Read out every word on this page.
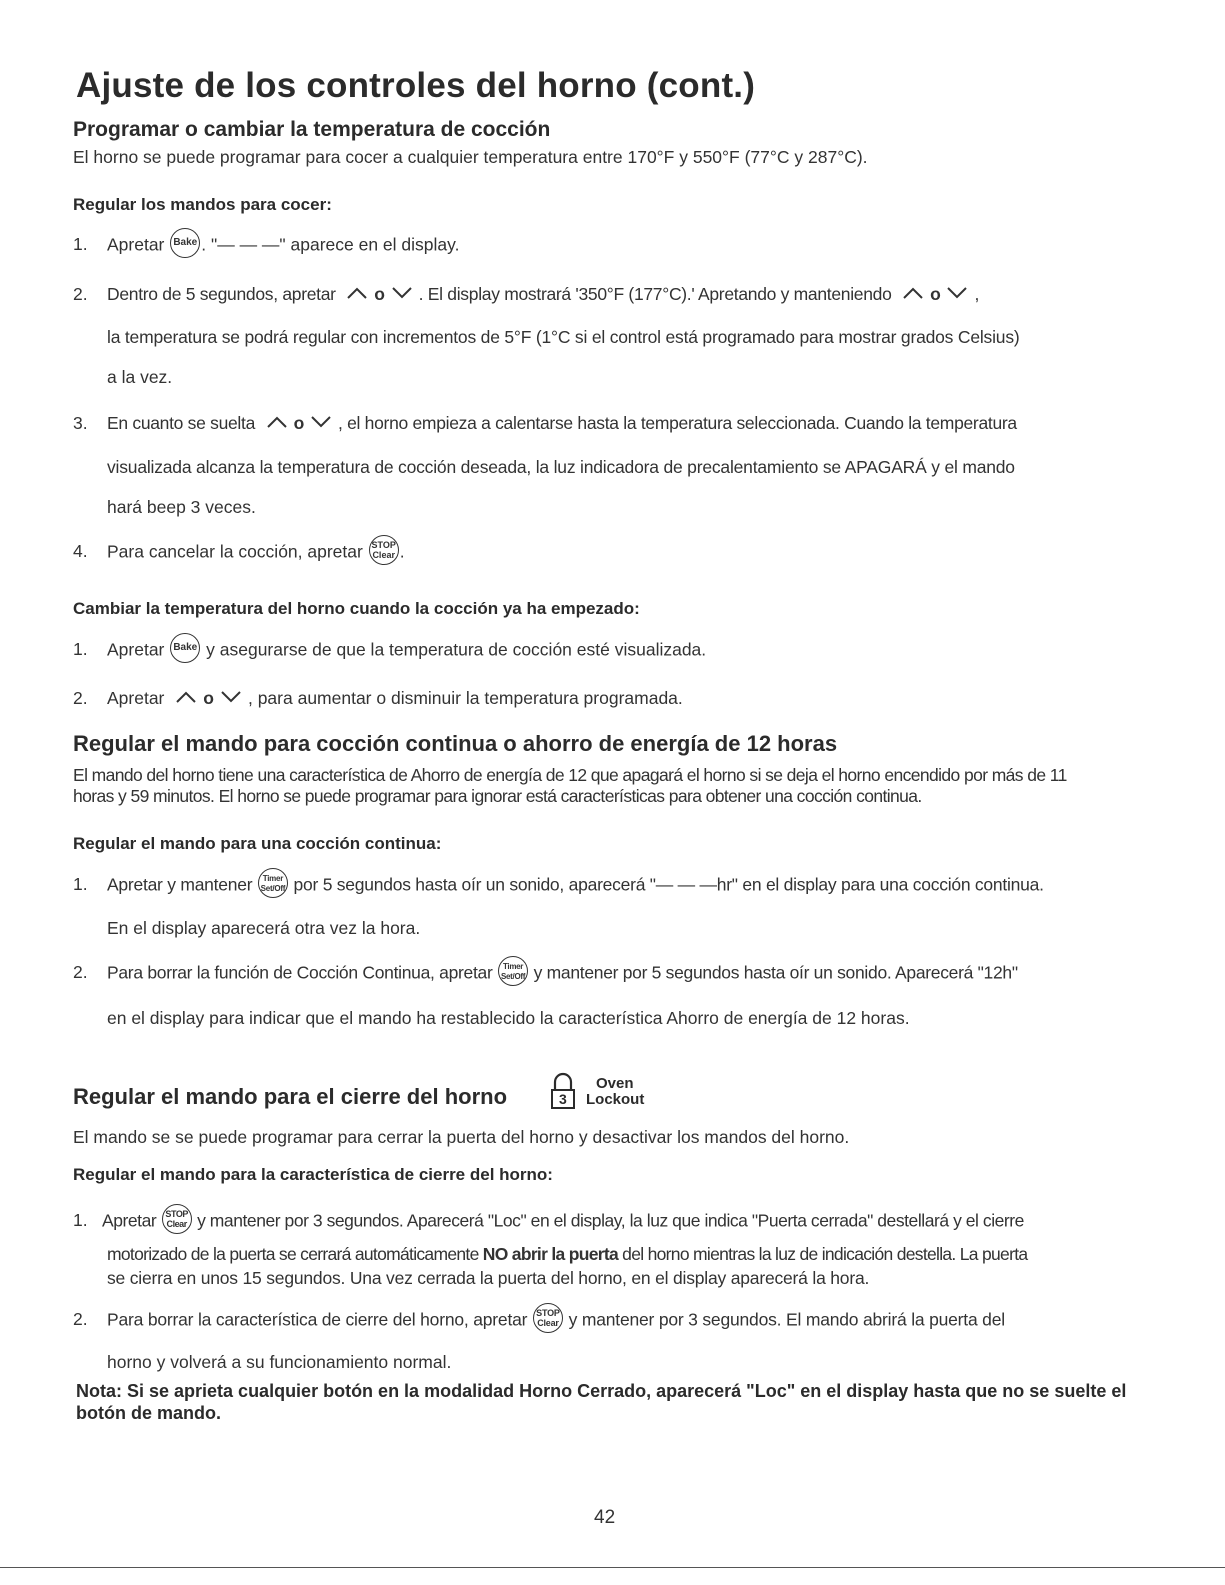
Ajuste de los controles del horno (cont.)
Programar o cambiar la temperatura de cocción

El horno se puede programar para cocer a cualquier temperatura entre 170°F y 550°F (77°C y 287°C).

Regular los mandos para cocer:
1. Apretar Bake . "— — —" aparece en el display.

2. Dentro de 5 segundos, apretar o . El display mostrará '350°F (177°C).' Apretando y manteniendo o ,

la temperatura se podrá regular con incrementos de 5°F (1°C si el control está programado para mostrar grados Celsius)

a la vez.

3. En cuanto se suelta o , el horno empieza a calentarse hasta la temperatura seleccionada. Cuando la temperatura

visualizada alcanza la temperatura de cocción deseada, la luz indicadora de precalentamiento se APAGARÁ y el mando

hará beep 3 veces.

4. Para cancelar la cocción, apretar STOP
Clear .

Cambiar la temperatura del horno cuando la cocción ya ha empezado:
1. Apretar Bake y asegurarse de que la temperatura de cocción esté visualizada.

2. Apretar o , para aumentar o disminuir la temperatura programada.

Regular el mando para cocción continua o ahorro de energía de 12 horas

El mando del horno tiene una característica de Ahorro de energía de 12 que apagará el horno si se deja el horno encendido por más de 11

horas y 59 minutos. El horno se puede programar para ignorar está características para obtener una cocción continua.

Regular el mando para una cocción continua:
1. Apretar y mantener	Timer
Set/Off por 5 segundos hasta oír un sonido, aparecerá "— — —hr" en el display para una cocción continua.

En el display aparecerá otra vez la hora.

2. Para borrar la función de Cocción Continua, apretar	Timer
Set/Off y mantener por 5 segundos hasta oír un sonido. Aparecerá "12h"

en el display para indicar que el mando ha restablecido la característica Ahorro de energía de 12 horas.

Regular el mando para el cierre del horno	3
Oven
Lockout

El mando se se puede programar para cerrar la puerta del horno y desactivar los mandos del horno.

Regular el mando para la característica de cierre del horno:
1. Apretar	STOP
Clear y mantener por 3 segundos. Aparecerá "Loc" en el display, la luz que indica "Puerta cerrada" destellará y el cierre

motorizado de la puerta se cerrará automáticamente NO abrir la puerta del horno mientras la luz de indicación destella. La puerta

se cierra en unos 15 segundos. Una vez cerrada la puerta del horno, en el display aparecerá la hora.

2. Para borrar la característica de cierre del horno, apretar STOP
Clear y mantener por 3 segundos. El mando abrirá la puerta del

horno y volverá a su funcionamiento normal.

Nota: Si se aprieta cualquier botón en la modalidad Horno Cerrado, aparecerá "Loc" en el display hasta que no se suelte el botón de mando.
42
